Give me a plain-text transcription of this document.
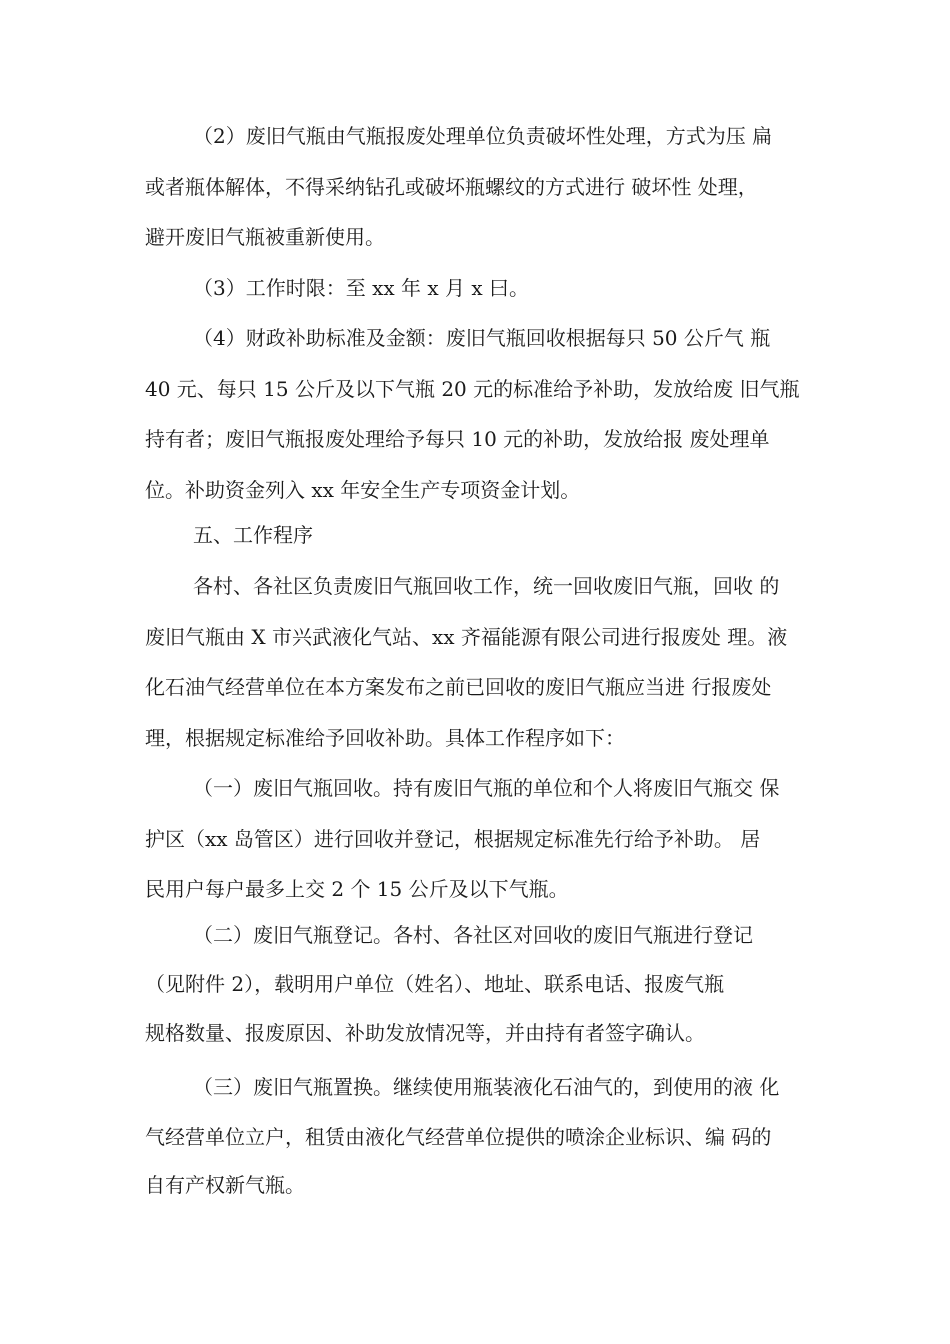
（2）废旧气瓶由气瓶报废处理单位负责破坏性处理，方式为压 扁
或者瓶体解体，不得采纳钻孔或破坏瓶螺纹的方式进行 破坏性 处理，
避开废旧气瓶被重新使用。
（3）工作时限：至 xx 年 x 月 x 曰。
（4）财政补助标准及金额：废旧气瓶回收根据每只 50 公斤气 瓶
40 元、每只 15 公斤及以下气瓶 20 元的标准给予补助，发放给废 旧气瓶
持有者；废旧气瓶报废处理给予每只 10 元的补助，发放给报 废处理单
位。补助资金列入 xx 年安全生产专项资金计划。
五、工作程序
各村、各社区负责废旧气瓶回收工作，统一回收废旧气瓶，回收 的
废旧气瓶由 X 市兴武液化气站、xx 齐福能源有限公司进行报废处 理。液
化石油气经营单位在本方案发布之前已回收的废旧气瓶应当进 行报废处
理，根据规定标准给予回收补助。具体工作程序如下：
（一）废旧气瓶回收。持有废旧气瓶的单位和个人将废旧气瓶交 保
护区（xx 岛管区）进行回收并登记，根据规定标准先行给予补助。 居
民用户每户最多上交 2 个 15 公斤及以下气瓶。
（二）废旧气瓶登记。各村、各社区对回收的废旧气瓶进行登记
（见附件 2），载明用户单位（姓名）、地址、联系电话、报废气瓶
规格数量、报废原因、补助发放情况等，并由持有者签字确认。
（三）废旧气瓶置换。继续使用瓶装液化石油气的，到使用的液 化
气经营单位立户，租赁由液化气经营单位提供的喷涂企业标识、编 码的
自有产权新气瓶。
